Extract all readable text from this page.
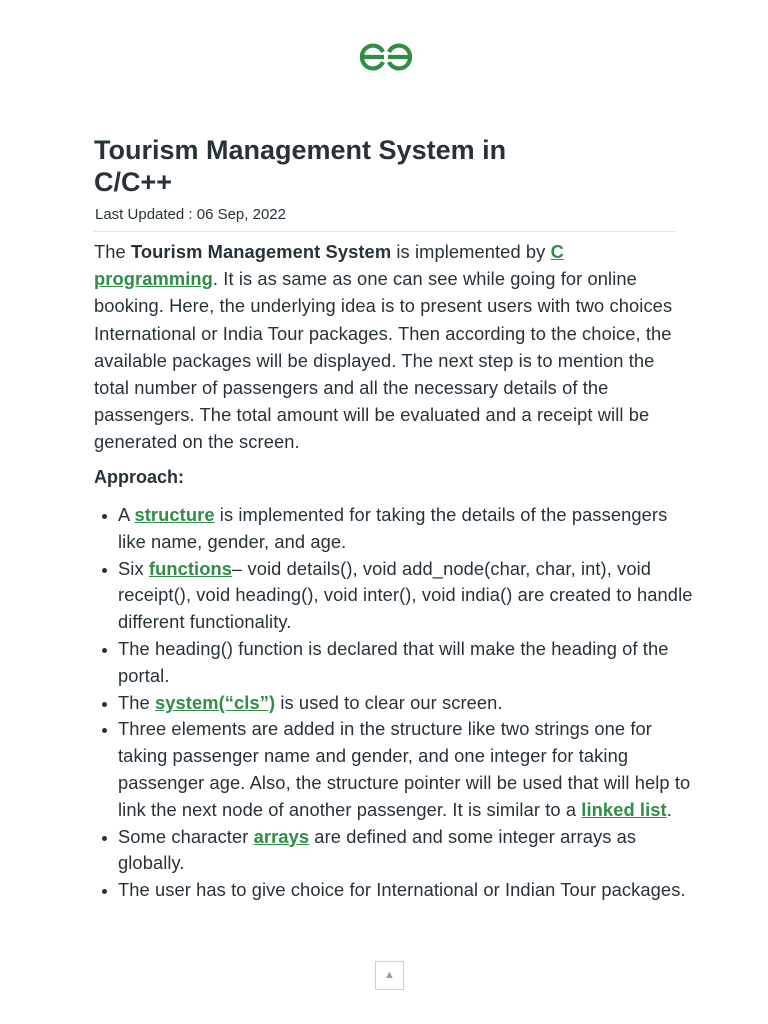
Tourism Management System in C/C++
Last Updated : 06 Sep, 2022

The Tourism Management System is implemented by C programming. It is as same as one can see while going for online booking. Here, the underlying idea is to present users with two choices International or India Tour packages. Then according to the choice, the available packages will be displayed. The next step is to mention the total number of passengers and all the necessary details of the passengers. The total amount will be evaluated and a receipt will be generated on the screen.

Approach:
A structure is implemented for taking the details of the passengers like name, gender, and age.
Six functions– void details(), void add_node(char, char, int), void receipt(), void heading(), void inter(), void india() are created to handle different functionality.
The heading() function is declared that will make the heading of the portal.
The system(“cls”) is used to clear our screen.
Three elements are added in the structure like two strings one for taking passenger name and gender, and one integer for taking passenger age. Also, the structure pointer will be used that will help to link the next node of another passenger. It is similar to a linked list.
Some character arrays are defined and some integer arrays as globally.
The user has to give choice for International or Indian Tour packages.
▲
